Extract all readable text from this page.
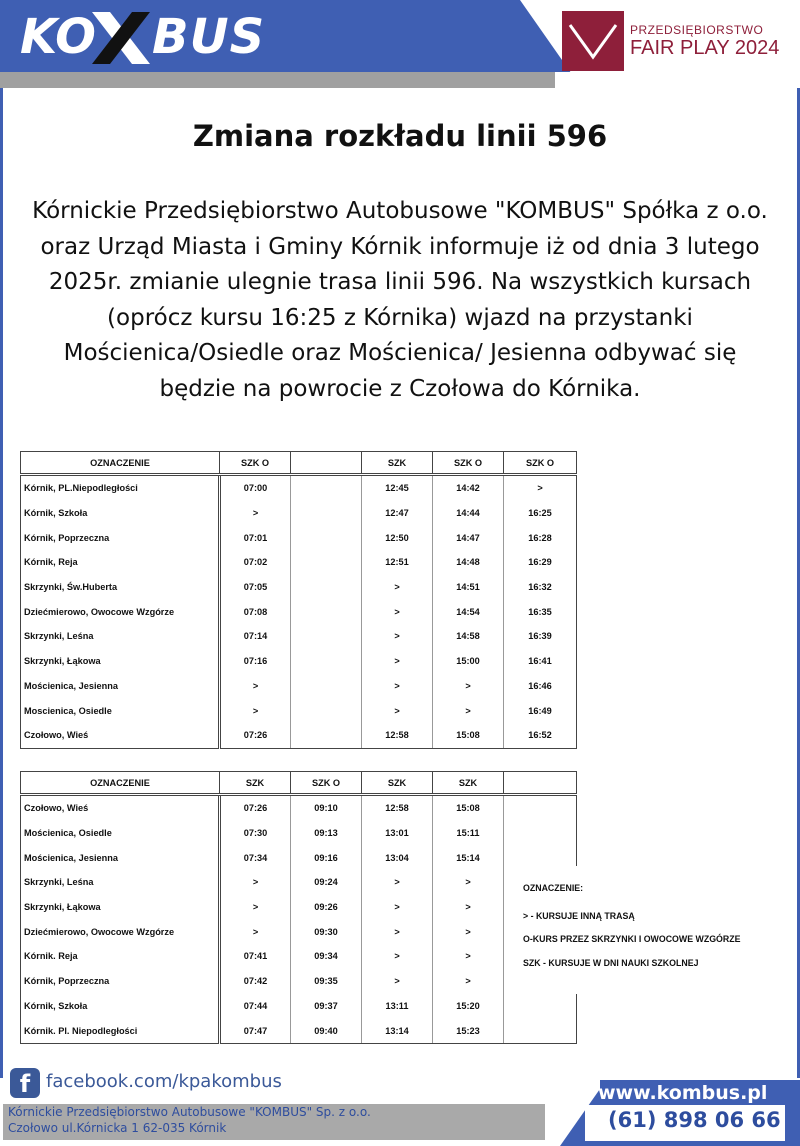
KO BUS	PRZEDSIĘBIORSTWO
FAIR PLAY 2024
Zmiana rozkładu linii 596
Kórnickie Przedsiębiorstwo Autobusowe "KOMBUS" Spółka z o.o. oraz Urząd Miasta i Gminy Kórnik informuje iż od dnia 3 lutego 2025r. zmianie ulegnie trasa linii 596. Na wszystkich kursach (oprócz kursu 16:25 z Kórnika) wjazd na przystanki Mościenica/Osiedle oraz Mościenica/ Jesienna odbywać się będzie na powrocie z Czołowa do Kórnika.
OZNACZENIE	SZK O		SZK	SZK O	SZK O
Kórnik, PL.Niepodległości	07:00		12:45	14:42	>
Kórnik, Szkoła	>		12:47	14:44	16:25
Kórnik, Poprzeczna	07:01		12:50	14:47	16:28
Kórnik, Reja	07:02		12:51	14:48	16:29
Skrzynki, Św.Huberta	07:05		>	14:51	16:32
Dziećmierowo, Owocowe Wzgórze	07:08		>	14:54	16:35
Skrzynki, Leśna	07:14		>	14:58	16:39
Skrzynki, Łąkowa	07:16		>	15:00	16:41
Mościenica, Jesienna	>		>	>	16:46
Moscienica, Osiedle	>		>	>	16:49
Czołowo, Wieś	07:26		12:58	15:08	16:52
OZNACZENIE	SZK	SZK O	SZK	SZK	
Czołowo, Wieś	07:26	09:10	12:58	15:08	
Mościenica, Osiedle	07:30	09:13	13:01	15:11	
Mościenica, Jesienna	07:34	09:16	13:04	15:14	
Skrzynki, Leśna	>	09:24	>	>	
Skrzynki, Łąkowa	>	09:26	>	>	
Dziećmierowo, Owocowe Wzgórze	>	09:30	>	>	
Kórnik. Reja	07:41	09:34	>	>	
Kórnik, Poprzeczna	07:42	09:35	>	>	
Kórnik, Szkoła	07:44	09:37	13:11	15:20	
Kórnik. Pl. Niepodległości	07:47	09:40	13:14	15:23	
OZNACZENIE:
> - KURSUJE INNĄ TRASĄ
O-KURS PRZEZ SKRZYNKI I OWOCOWE WZGÓRZE
SZK - KURSUJE W DNI NAUKI SZKOLNEJ
f facebook.com/kpakombus
Kórnickie Przedsiębiorstwo Autobusowe "KOMBUS" Sp. z o.o.
Czołowo ul.Kórnicka 1 62-035 Kórnik
www.kombus.pl
(61) 898 06 66
